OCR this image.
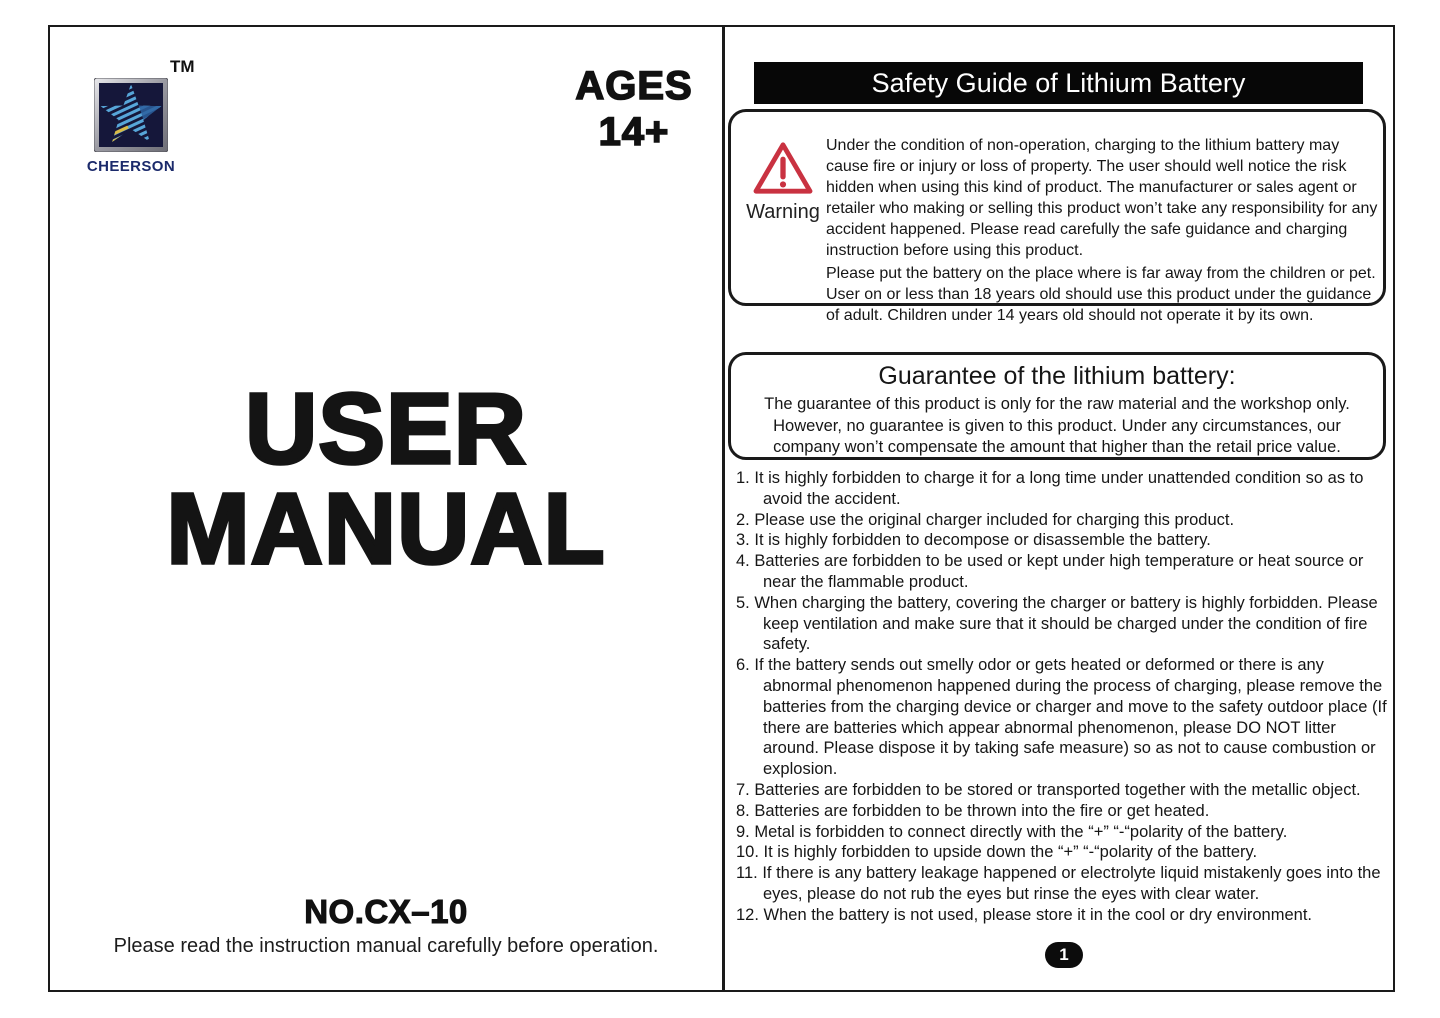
TM
CHEERSON
AGES
14+
USER
MANUAL
NO.CX–10
Please read the instruction manual carefully before operation.
Safety Guide of Lithium Battery
Warning

Under the condition of non-operation, charging to the lithium battery may cause fire or injury or loss of property. The user should well notice the risk hidden when using this kind of product. The manufacturer or sales agent or retailer who making or selling this product won’t take any responsibility for any accident happened. Please read carefully the safe guidance and charging instruction before using this product.

Please put the battery on the place where is far away from the children or pet. User on or less than 18 years old should use this product under the guidance of adult. Children under 14 years old should not operate it by its own.

Guarantee of the lithium battery:
The guarantee of this product is only for the raw material and the workshop only. However, no guarantee is given to this product. Under any circumstances, our company won’t compensate the amount that higher than the retail price value.
1. It is highly forbidden to charge it for a long time under unattended condition so as to avoid the accident.
2. Please use the original charger included for charging this product.
3. It is highly forbidden to decompose or disassemble the battery.
4. Batteries are forbidden to be used or kept under high temperature or heat source or near the flammable product.
5. When charging the battery, covering the charger or battery is highly forbidden. Please keep ventilation and make sure that it should be charged under the condition of fire safety.
6. If the battery sends out smelly odor or gets heated or deformed or there is any abnormal phenomenon happened during the process of charging, please remove the batteries from the charging device or charger and move to the safety outdoor place (If there are batteries which appear abnormal phenomenon, please DO NOT litter around. Please dispose it by taking safe measure) so as not to cause combustion or explosion.
7. Batteries are forbidden to be stored or transported together with the metallic object.
8. Batteries are forbidden to be thrown into the fire or get heated.
9. Metal is forbidden to connect directly with the “+” “-“polarity of the battery.
10. It is highly forbidden to upside down the “+” “-“polarity of the battery.
11. If there is any battery leakage happened or electrolyte liquid mistakenly goes into the eyes, please do not rub the eyes but rinse the eyes with clear water.
12. When the battery is not used, please store it in the cool or dry environment.
1
